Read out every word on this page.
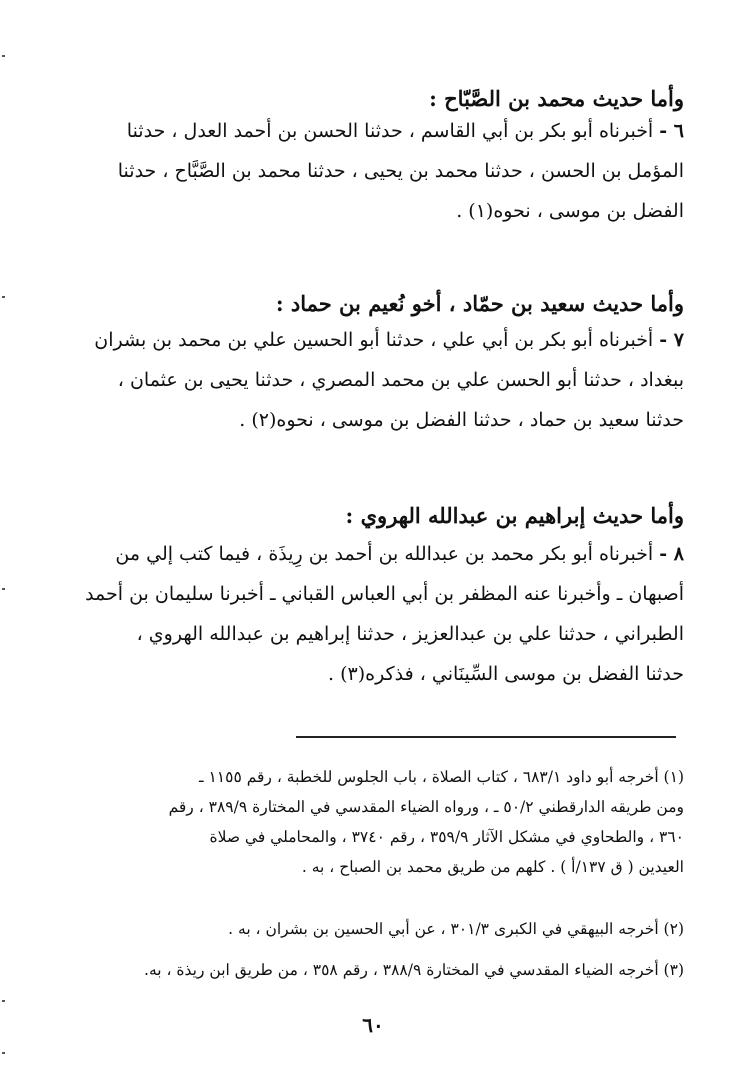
وأما حديث محمد بن الصَّبّاح :

٦ - أخبرناه أبو بكر بن أبي القاسم ، حدثنا الحسن بن أحمد العدل ، حدثنا

المؤمل بن الحسن ، حدثنا محمد بن يحيى ، حدثنا محمد بن الصَّبَّاح ، حدثنا

الفضل بن موسى ، نحوه(١) .

وأما حديث سعيد بن حمّاد ، أخو نُعيم بن حماد :

٧ - أخبرناه أبو بكر بن أبي علي ، حدثنا أبو الحسين علي بن محمد بن بشران

ببغداد ، حدثنا أبو الحسن علي بن محمد المصري ، حدثنا يحيى بن عثمان ،

حدثنا سعيد بن حماد ، حدثنا الفضل بن موسى ، نحوه(٢) .

وأما حديث إبراهيم بن عبدالله الهروي :

٨ - أخبرناه أبو بكر محمد بن عبدالله بن أحمد بن رِيذَة ، فيما كتب إلي من

أصبهان ـ وأخبرنا عنه المظفر بن أبي العباس القباني ـ أخبرنا سليمان بن أحمد

الطبراني ، حدثنا علي بن عبدالعزيز ، حدثنا إبراهيم بن عبدالله الهروي ،

حدثنا الفضل بن موسى السِّينَاني ، فذكره(٣) .

(١) أخرجه أبو داود ٦٨٣/١ ، كتاب الصلاة ، باب الجلوس للخطبة ، رقم ١١٥٥ ـ

ومن طريقه الدارقطني ٥٠/٢ ـ ، ورواه الضياء المقدسي في المختارة ٣٨٩/٩ ، رقم

٣٦٠ ، والطحاوي في مشكل الآثار ٣٥٩/٩ ، رقم ٣٧٤٠ ، والمحاملي في صلاة

العيدين ( ق ١٣٧/أ ) . كلهم من طريق محمد بن الصباح ، به .

(٢) أخرجه البيهقي في الكبرى ٣٠١/٣ ، عن أبي الحسين بن بشران ، به .

(٣) أخرجه الضياء المقدسي في المختارة ٣٨٨/٩ ، رقم ٣٥٨ ، من طريق ابن ريذة ، به.

٦٠
